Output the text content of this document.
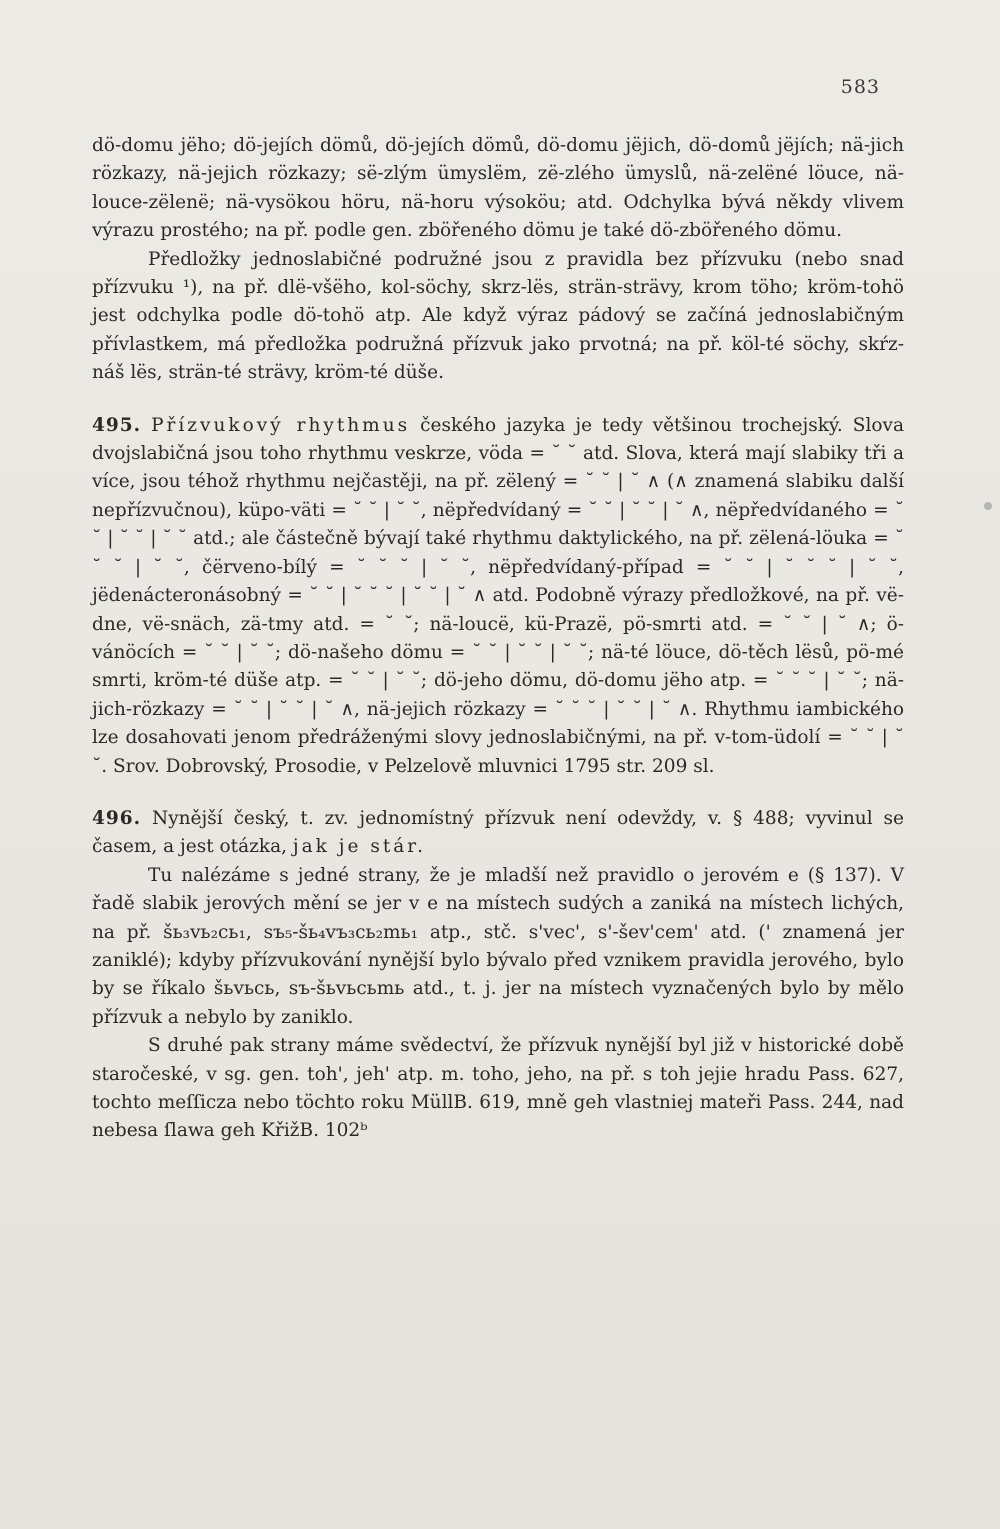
583

dö-domu jëho; dö-jejích dömů, dö-jejích dömů, dö-domu jëjich, dö-domů jëjích; nä-jich rözkazy, nä-jejich rözkazy; së-zlým ümyslëm, zë-zlého ümyslů, nä-zelëné löuce, nä-louce-zëlenë; nä-vysökou höru, nä-horu výsoköu; atd. Odchylka bývá někdy vlivem výrazu prostého; na př. podle gen. zböřeného dömu je také dö-zböřeného dömu.

Předložky jednoslabičné podružné jsou z pravidla bez přízvuku (nebo snad přízvuku ¹), na př. dlë-všëho, kol-söchy, skrz-lës, strän-strävy, krom töho; kröm-tohö jest odchylka podle dö-tohö atp. Ale když výraz pádový se začíná jednoslabičným přívlastkem, má předložka podružná přízvuk jako prvotná; na př. köl-té söchy, skŕz-náš lës, strän-té strävy, kröm-té düše.

495. Přízvukový rhythmus českého jazyka je tedy většinou trochejský. Slova dvojslabičná jsou toho rhythmu veskrze, vöda = ˘ ˘ atd. Slova, která mají slabiky tři a více, jsou téhož rhythmu nejčastěji, na př. zëlený = ˘ ˘ | ˘ ∧ (∧ znamená slabiku další nepřízvučnou), küpo-väti = ˘ ˘ | ˘ ˘, nëpředvídaný = ˘ ˘ | ˘ ˘ | ˘ ∧, nëpředvídaného = ˘ ˘ | ˘ ˘ | ˘ ˘ atd.; ale částečně bývají také rhythmu daktylického, na př. zëlená-löuka = ˘ ˘ ˘ | ˘ ˘, čërveno-bílý = ˘ ˘ ˘ | ˘ ˘, nëpředvídaný-případ = ˘ ˘ | ˘ ˘ ˘ | ˘ ˘, jëdenácteronásobný = ˘ ˘ | ˘ ˘ ˘ | ˘ ˘ | ˘ ∧ atd. Podobně výrazy předložkové, na př. vë-dne, vë-snäch, zä-tmy atd. = ˘ ˘; nä-loucë, kü-Prazë, pö-smrti atd. = ˘ ˘ | ˘ ∧; ö-vánöcích = ˘ ˘ | ˘ ˘; dö-našeho dömu = ˘ ˘ | ˘ ˘ | ˘ ˘; nä-té löuce, dö-těch lësů, pö-mé smrti, kröm-té düše atp. = ˘ ˘ | ˘ ˘; dö-jeho dömu, dö-domu jëho atp. = ˘ ˘ ˘ | ˘ ˘; nä-jich-rözkazy = ˘ ˘ | ˘ ˘ | ˘ ∧, nä-jejich rözkazy = ˘ ˘ ˘ | ˘ ˘ | ˘ ∧. Rhythmu iambického lze dosahovati jenom předráženými slovy jednoslabičnými, na př. v-tom-üdolí = ˘ ˘ | ˘ ˘. Srov. Dobrovský, Prosodie, v Pelzelově mluvnici 1795 str. 209 sl.

496. Nynější český, t. zv. jednomístný přízvuk není odevždy, v. § 488; vyvinul se časem, a jest otázka, jak je stár.

Tu nalézáme s jedné strany, že je mladší než pravidlo o jerovém e (§ 137). V řadě slabik jerových mění se jer v e na místech sudých a zaniká na místech lichých, na př. šь₃vь₂cь₁, sъ₅-šь₄vъ₃cь₂mь₁ atp., stč. s'vec', s'-šev'cem' atd. (' znamená jer zaniklé); kdyby přízvukování nynější bylo bývalo před vznikem pravidla jerového, bylo by se říkalo šьvьcь, sъ-šьvьcьmь atd., t. j. jer na místech vyznačených bylo by mělo přízvuk a nebylo by zaniklo.

S druhé pak strany máme svědectví, že přízvuk nynější byl již v historické době staročeské, v sg. gen. toh', jeh' atp. m. toho, jeho, na př. s toh jejie hradu Pass. 627, tochto meſſicza nebo töchto roku MüllB. 619, mně geh vlastniej mateři Pass. 244, nad nebesa ſlawa geh KřižB. 102ᵇ
